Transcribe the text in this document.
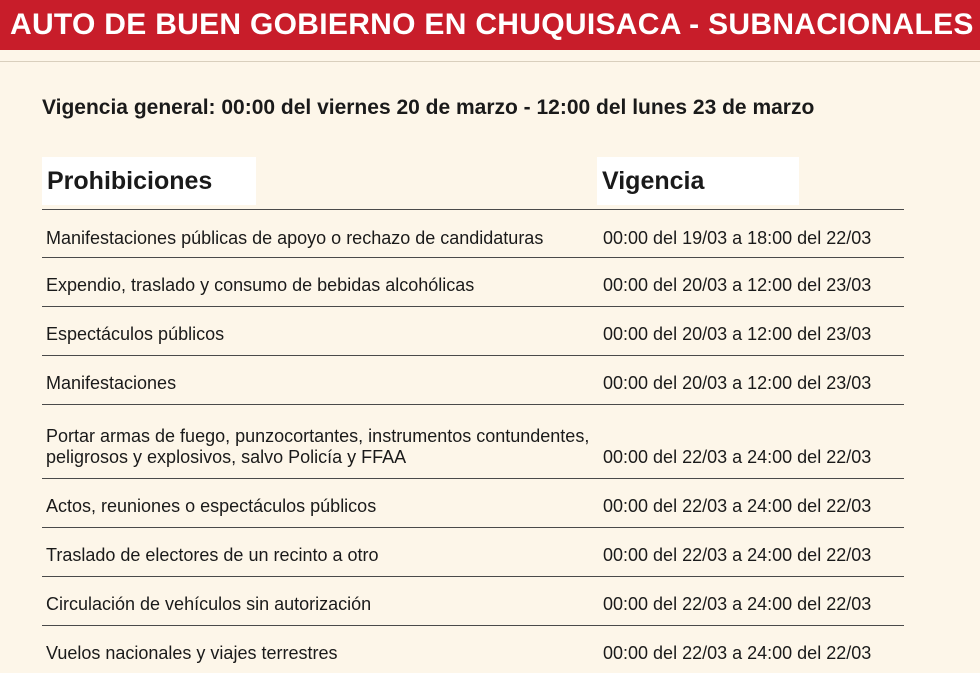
AUTO DE BUEN GOBIERNO EN CHUQUISACA - SUBNACIONALES
Vigencia general: 00:00 del viernes 20 de marzo - 12:00 del lunes 23 de marzo
Prohibiciones	Vigencia
Manifestaciones públicas de apoyo o rechazo de candidaturas	00:00 del 19/03 a 18:00 del 22/03
Expendio, traslado y consumo de bebidas alcohólicas	00:00 del 20/03 a 12:00 del 23/03
Espectáculos públicos	00:00 del 20/03 a 12:00 del 23/03
Manifestaciones	00:00 del 20/03 a 12:00 del 23/03
Portar armas de fuego, punzocortantes, instrumentos contundentes, peligrosos y explosivos, salvo Policía y FFAA	00:00 del 22/03 a 24:00 del 22/03
Actos, reuniones o espectáculos públicos	00:00 del 22/03 a 24:00 del 22/03
Traslado de electores de un recinto a otro	00:00 del 22/03 a 24:00 del 22/03
Circulación de vehículos sin autorización	00:00 del 22/03 a 24:00 del 22/03
Vuelos nacionales y viajes terrestres	00:00 del 22/03 a 24:00 del 22/03
